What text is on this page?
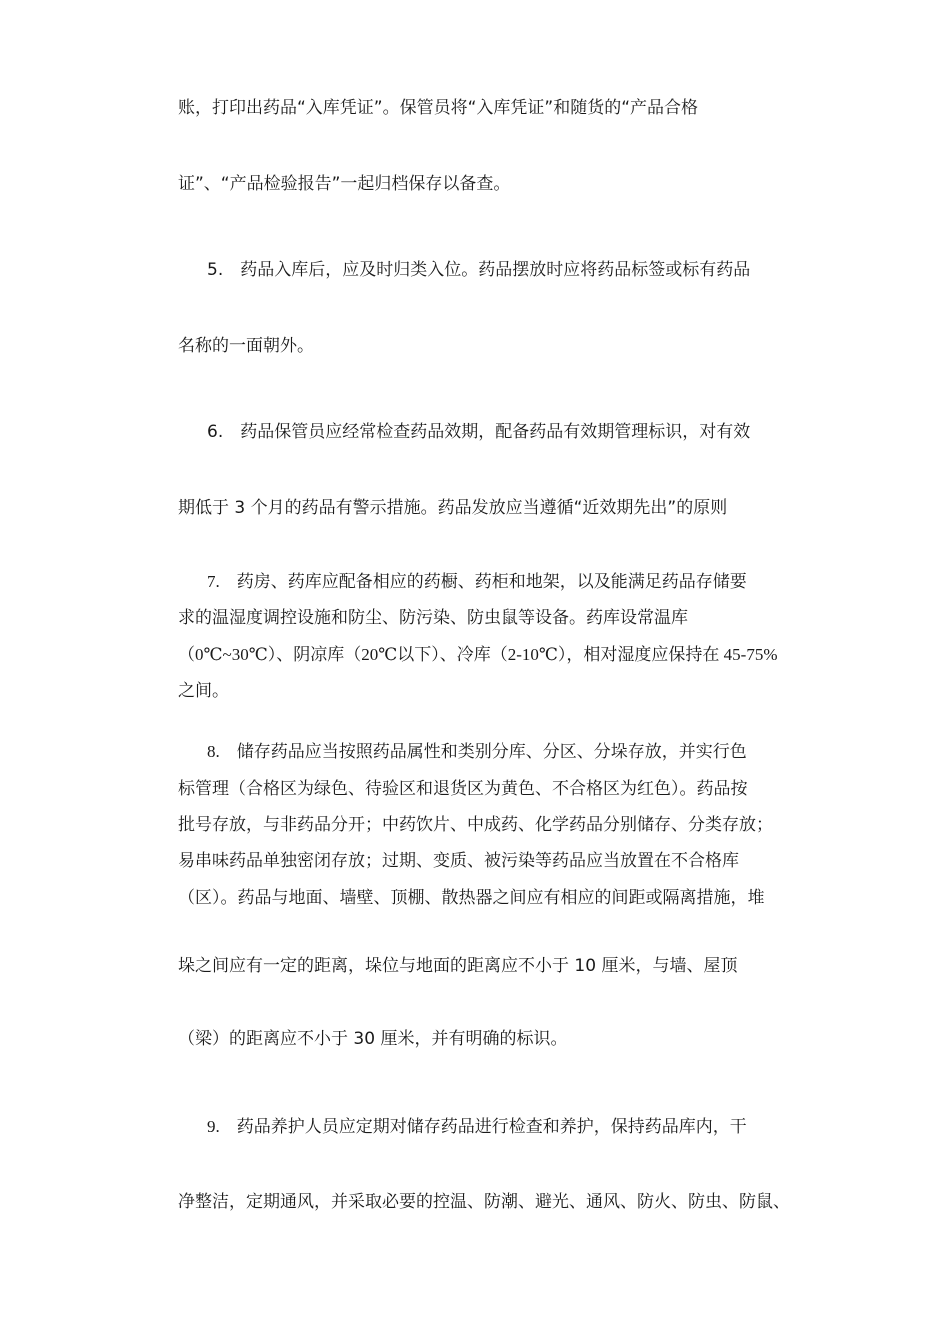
账，打印出药品“入库凭证”。保管员将“入库凭证”和随货的“产品合格
证”、“产品检验报告”一起归档保存以备查。
5.　药品入库后，应及时归类入位。药品摆放时应将药品标签或标有药品
名称的一面朝外。
6.　药品保管员应经常检查药品效期，配备药品有效期管理标识，对有效
期低于 3 个月的药品有警示措施。药品发放应当遵循“近效期先出”的原则
7.　药房、药库应配备相应的药橱、药柜和地架，以及能满足药品存储要
求的温湿度调控设施和防尘、防污染、防虫鼠等设备。药库设常温库
（0℃~30℃）、阴凉库（20℃以下）、冷库（2-10℃），相对湿度应保持在 45-75%
之间。
8.　储存药品应当按照药品属性和类别分库、分区、分垛存放，并实行色
标管理（合格区为绿色、待验区和退货区为黄色、不合格区为红色）。药品按
批号存放，与非药品分开；中药饮片、中成药、化学药品分别储存、分类存放；
易串味药品单独密闭存放；过期、变质、被污染等药品应当放置在不合格库
（区）。药品与地面、墙壁、顶棚、散热器之间应有相应的间距或隔离措施，堆
垛之间应有一定的距离，垛位与地面的距离应不小于 10 厘米，与墙、屋顶
（梁）的距离应不小于 30 厘米，并有明确的标识。
9.　药品养护人员应定期对储存药品进行检查和养护，保持药品库内，干
净整洁，定期通风，并采取必要的控温、防潮、避光、通风、防火、防虫、防鼠、
